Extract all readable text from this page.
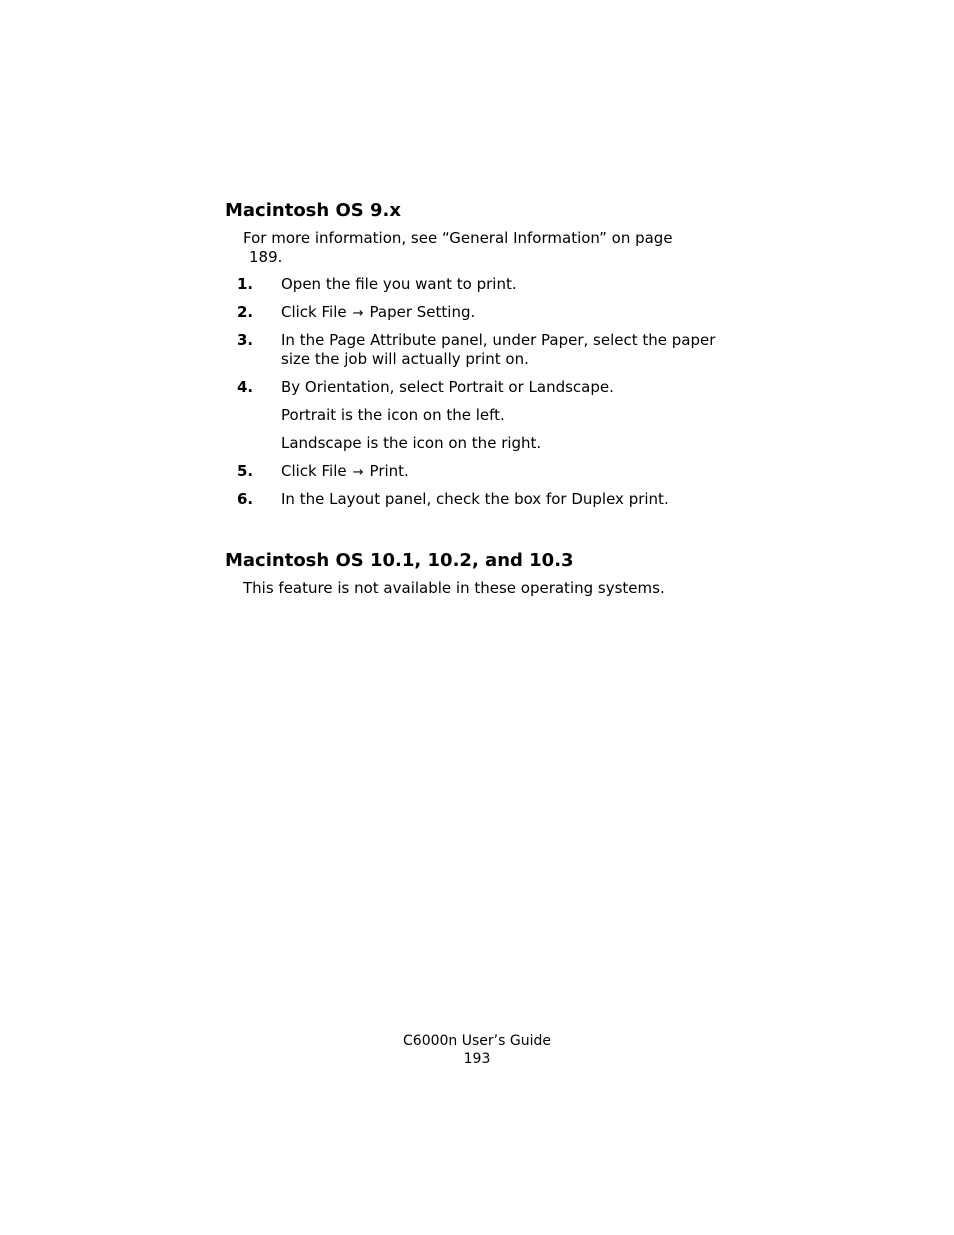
Macintosh OS 9.x
For more information, see “General Information” on page
189.
1. Open the file you want to print.
2. Click File → Paper Setting.
3. In the Page Attribute panel, under Paper, select the paper size the job will actually print on.
4. By Orientation, select Portrait or Landscape.
Portrait is the icon on the left.
Landscape is the icon on the right.
5. Click File → Print.
6. In the Layout panel, check the box for Duplex print.
Macintosh OS 10.1, 10.2, and 10.3
This feature is not available in these operating systems.
C6000n User’s Guide
193
